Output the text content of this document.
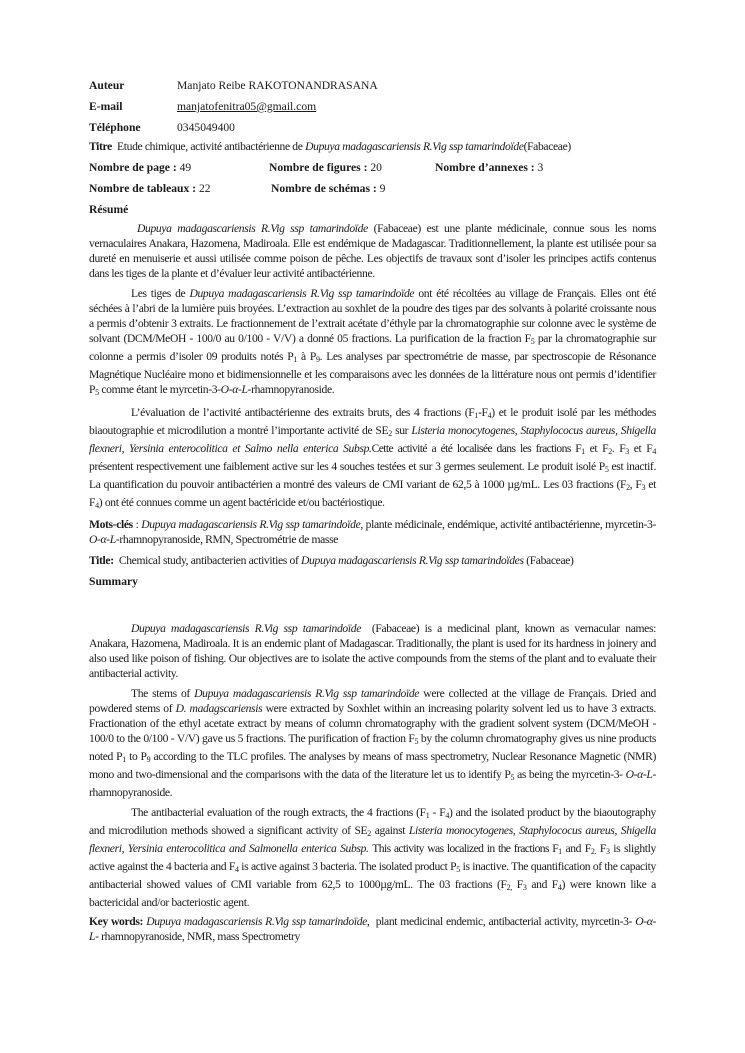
Auteur	Manjato Reibe RAKOTONANDRASANA
E-mail	manjatofenitra05@gmail.com
Téléphone	0345049400
Titre Etude chimique, activité antibactérienne de Dupuya madagascariensis R.Vig ssp tamarindoïde(Fabaceae)
Nombre de page : 49	Nombre de figures : 20	Nombre d’annexes : 3
Nombre de tableaux : 22	Nombre de schémas : 9
Résumé

Dupuya madagascariensis R.Vig ssp tamarindoïde (Fabaceae) est une plante médicinale, connue sous les noms vernaculaires Anakara, Hazomena, Madiroala. Elle est endémique de Madagascar. Traditionnellement, la plante est utilisée pour sa dureté en menuiserie et aussi utilisée comme poison de pêche. Les objectifs de travaux sont d’isoler les principes actifs contenus dans les tiges de la plante et d’évaluer leur activité antibactérienne.

Les tiges de Dupuya madagascariensis R.Vig ssp tamarindoïde ont été récoltées au village de Français. Elles ont été séchées à l’abri de la lumière puis broyées. L’extraction au soxhlet de la poudre des tiges par des solvants à polarité croissante nous a permis d’obtenir 3 extraits. Le fractionnement de l’extrait acétate d’éthyle par la chromatographie sur colonne avec le système de solvant (DCM/MeOH - 100/0 au 0/100 - V/V) a donné 05 fractions. La purification de la fraction $F_5$ par la chromatographie sur colonne a permis d’isoler 09 produits notés $P_1$ à $P_9$. Les analyses par spectrométrie de masse, par spectroscopie de Résonance Magnétique Nucléaire mono et bidimensionnelle et les comparaisons avec les données de la littérature nous ont permis d’identifier $P_5$ comme étant le myrcetin-3-O-α-L-rhamnopyranoside.

L’évaluation de l’activité antibactérienne des extraits bruts, des 4 fractions $(F_1-F_4)$ et le produit isolé par les méthodes biaoutographie et microdilution a montré l’importante activité de $SE_2$ sur Listeria monocytogenes, Staphylococus aureus, Shigella flexneri, Yersinia enterocolitica et Salmo nella enterica Subsp.Cette activité a été localisée dans les fractions $F_1$ et $F_2$. $F_3$ et $F_4$ présentent respectivement une faiblement active sur les 4 souches testées et sur 3 germes seulement. Le produit isolé $P_5$ est inactif. La quantification du pouvoir antibactérien a montré des valeurs de CMI variant de 62,5 à 1000 µg/mL. Les 03 fractions ($F_2$, $F_3$ et $F_4$) ont été connues comme un agent bactéricide et/ou bactériostique.

Mots-clés : Dupuya madagascariensis R.Vig ssp tamarindoïde, plante médicinale, endémique, activité antibactérienne, myrcetin-3-O-α-L-rhamnopyranoside, RMN, Spectrométrie de masse
Title: Chemical study, antibacterien activities of Dupuya madagascariensis R.Vig ssp tamarindoïdes (Fabaceae)
Summary

Dupuya madagascariensis R.Vig ssp tamarindoïde (Fabaceae) is a medicinal plant, known as vernacular names: Anakara, Hazomena, Madiroala. It is an endemic plant of Madagascar. Traditionally, the plant is used for its hardness in joinery and also used like poison of fishing. Our objectives are to isolate the active compounds from the stems of the plant and to evaluate their antibacterial activity.

The stems of Dupuya madagascariensis R.Vig ssp tamarindoïde were collected at the village de Français. Dried and powdered stems of D. madagscariensis were extracted by Soxhlet within an increasing polarity solvent led us to have 3 extracts. Fractionation of the ethyl acetate extract by means of column chromatography with the gradient solvent system (DCM/MeOH - 100/0 to the 0/100 - V/V) gave us 5 fractions. The purification of fraction $F_5$ by the column chromatography gives us nine products noted $P_1$ to $P_9$ according to the TLC profiles. The analyses by means of mass spectrometry, Nuclear Resonance Magnetic (NMR) mono and two-dimensional and the comparisons with the data of the literature let us to identify $P_5$ as being the myrcetin-3- O-α-L- rhamnopyranoside.

The antibacterial evaluation of the rough extracts, the 4 fractions $(F_1 - F_4)$ and the isolated product by the biaoutography and microdilution methods showed a significant activity of $SE_2$ against Listeria monocytogenes, Staphylococus aureus, Shigella flexneri, Yersinia enterocolitica and Salmonella enterica Subsp. This activity was localized in the fractions $F_1$ and $F_{2.}$ $F_3$ is slightly active against the 4 bacteria and $F_4$ is active against 3 bacteria. The isolated product $P_5$ is inactive. The quantification of the capacity antibacterial showed values of CMI variable from 62,5 to 1000µg/mL. The 03 fractions ($F_{2,}$ $F_3$ and $F_4$) were known like a bactericidal and/or bacteriostic agent.

Key words: Dupuya madagascariensis R.Vig ssp tamarindoïde, plant medicinal endemic, antibacterial activity, myrcetin-3- O-α-L- rhamnopyranoside, NMR, mass Spectrometry
